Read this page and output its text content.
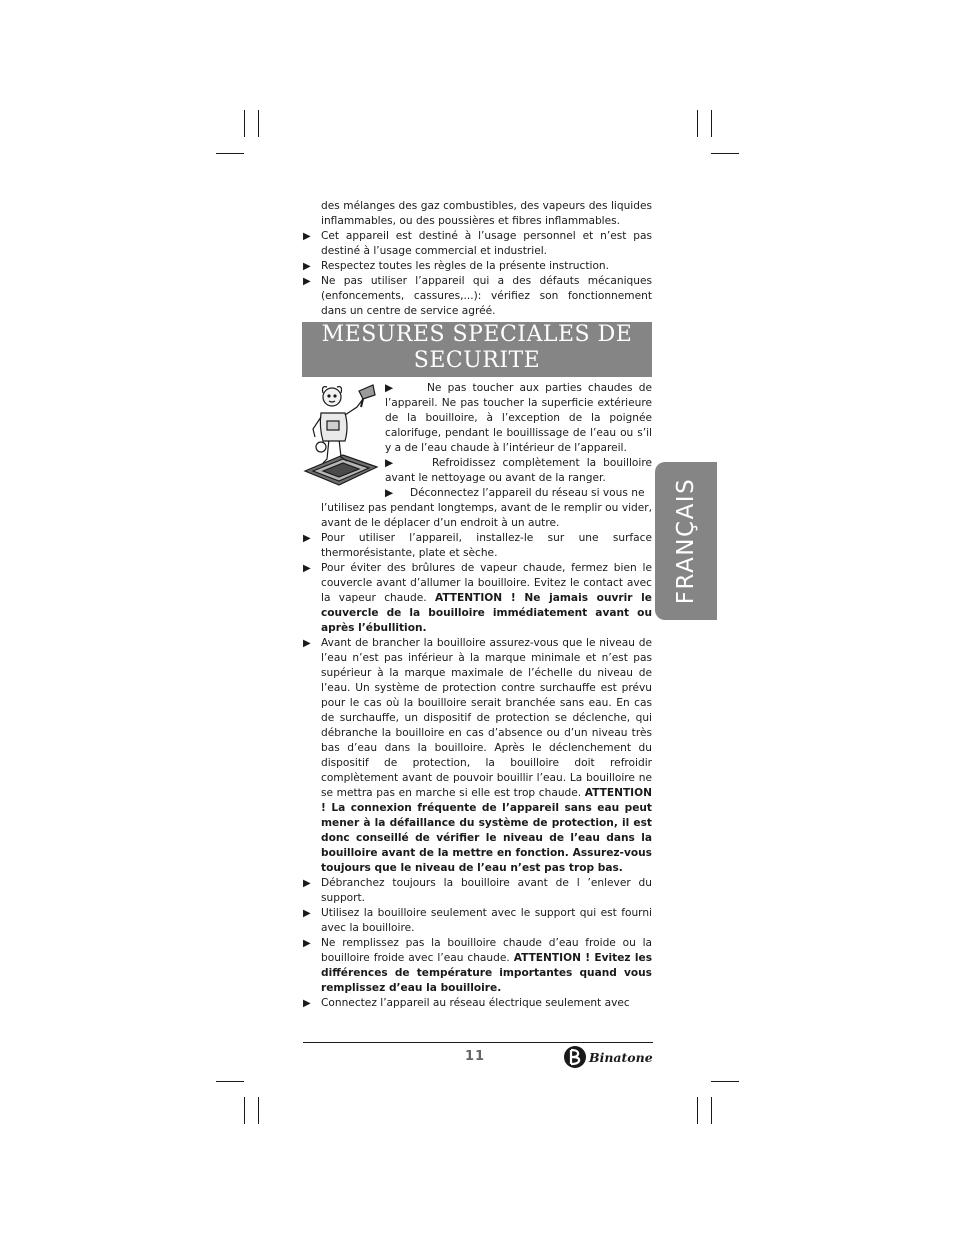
des mélanges des gaz combustibles, des vapeurs des liquides inflammables, ou des poussières et fibres inflammables.

▶ Cet appareil est destiné à l’usage personnel et n’est pas destiné à l’usage commercial et industriel.

▶ Respectez toutes les règles de la présente instruction.

▶ Ne pas utiliser l’appareil qui a des défauts mécaniques (enfoncements, cassures,...): vérifiez son fonctionnement dans un centre de service agréé.

MESURES SPECIALES DE SECURITE

▶	Ne pas toucher aux parties chaudes de l’appareil. Ne pas toucher la superficie extérieure de la bouilloire, à l’exception de la poignée calorifuge, pendant le bouillissage de l’eau ou s’il y a de l’eau chaude à l’intérieur de l’appareil.

▶	Refroidissez complètement la bouilloire avant le nettoyage ou avant de la ranger.

▶ Déconnectez l’appareil du réseau si vous ne

l’utilisez pas pendant longtemps, avant de le remplir ou vider, avant de le déplacer d’un endroit à un autre.

▶ Pour utiliser l’appareil, installez-le sur une surface thermorésistante, plate et sèche.

▶ Pour éviter des brûlures de vapeur chaude, fermez bien le couvercle avant d’allumer la bouilloire. Evitez le contact avec la vapeur chaude. ATTENTION ! Ne jamais ouvrir le couvercle de la bouilloire immédiatement avant ou après l’ébullition.

▶ Avant de brancher la bouilloire assurez-vous que le niveau de l’eau n’est pas inférieur à la marque minimale et n’est pas supérieur à la marque maximale de l’échelle du niveau de l’eau. Un système de protection contre surchauffe est prévu pour le cas où la bouilloire serait branchée sans eau. En cas de surchauffe, un dispositif de protection se déclenche, qui débranche la bouilloire en cas d’absence ou d’un niveau très bas d’eau dans la bouilloire. Après le déclenchement du dispositif de protection, la bouilloire doit refroidir complètement avant de pouvoir bouillir l’eau. La bouilloire ne se mettra pas en marche si elle est trop chaude. ATTENTION ! La connexion fréquente de l’appareil sans eau peut mener à la défaillance du système de protection, il est donc conseillé de vérifier le niveau de l’eau dans la bouilloire avant de la mettre en fonction. Assurez-vous toujours que le niveau de l’eau n’est pas trop bas.

▶ Débranchez toujours la bouilloire avant de l ’enlever du support.

▶ Utilisez la bouilloire seulement avec le support qui est fourni avec la bouilloire.

▶ Ne remplissez pas la bouilloire chaude d’eau froide ou la bouilloire froide avec l’eau chaude. ATTENTION ! Evitez les différences de température importantes quand vous remplissez d’eau la bouilloire.

▶ Connectez l’appareil au réseau électrique seulement avec

FRANÇAIS
11	Binatone
